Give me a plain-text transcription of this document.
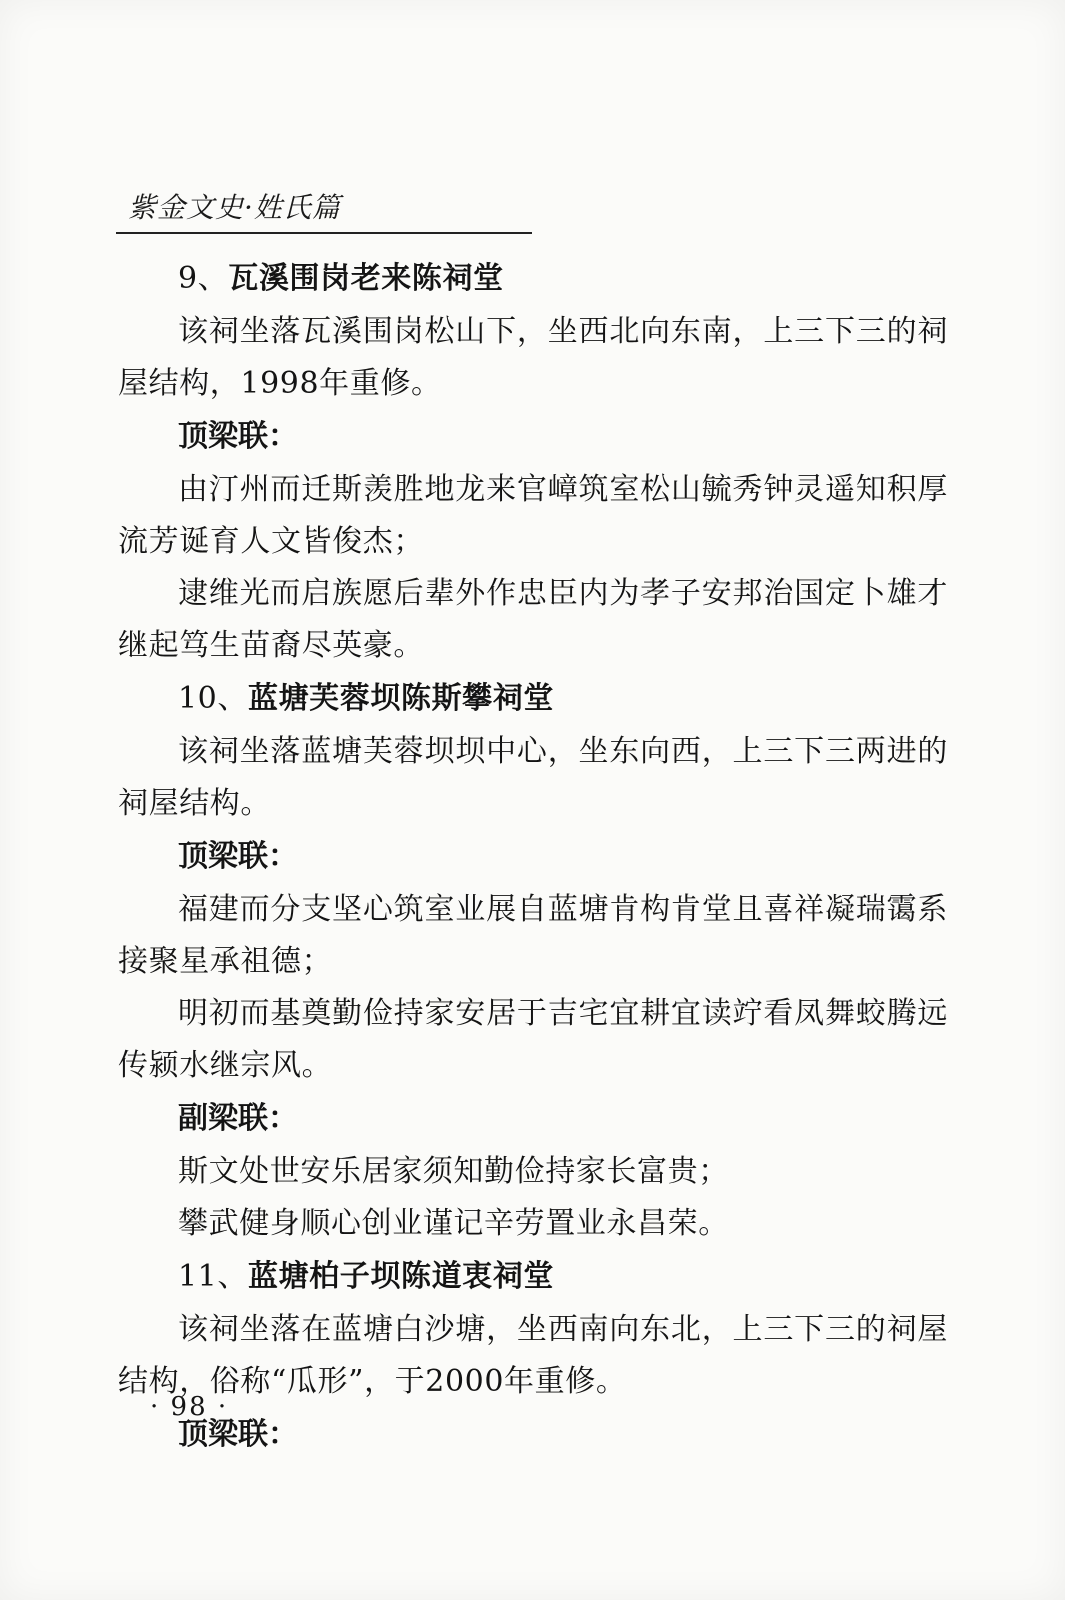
紫金文史·姓氏篇

9、瓦溪围岗老来陈祠堂

该祠坐落瓦溪围岗松山下，坐西北向东南，上三下三的祠屋结构，1998年重修。

顶梁联：

由汀州而迁斯羡胜地龙来官嶂筑室松山毓秀钟灵遥知积厚流芳诞育人文皆俊杰；

逮维光而启族愿后辈外作忠臣内为孝子安邦治国定卜雄才继起笃生苗裔尽英豪。

10、蓝塘芙蓉坝陈斯攀祠堂

该祠坐落蓝塘芙蓉坝坝中心，坐东向西，上三下三两进的祠屋结构。

顶梁联：

福建而分支坚心筑室业展自蓝塘肯构肯堂且喜祥凝瑞霭系接聚星承祖德；

明初而基奠勤俭持家安居于吉宅宜耕宜读竚看凤舞蛟腾远传颍水继宗风。

副梁联：

斯文处世安乐居家须知勤俭持家长富贵；

攀武健身顺心创业谨记辛劳置业永昌荣。

11、蓝塘柏子坝陈道衷祠堂

该祠坐落在蓝塘白沙塘，坐西南向东北，上三下三的祠屋结构，俗称“瓜形”，于2000年重修。

顶梁联：

· 98 ·
